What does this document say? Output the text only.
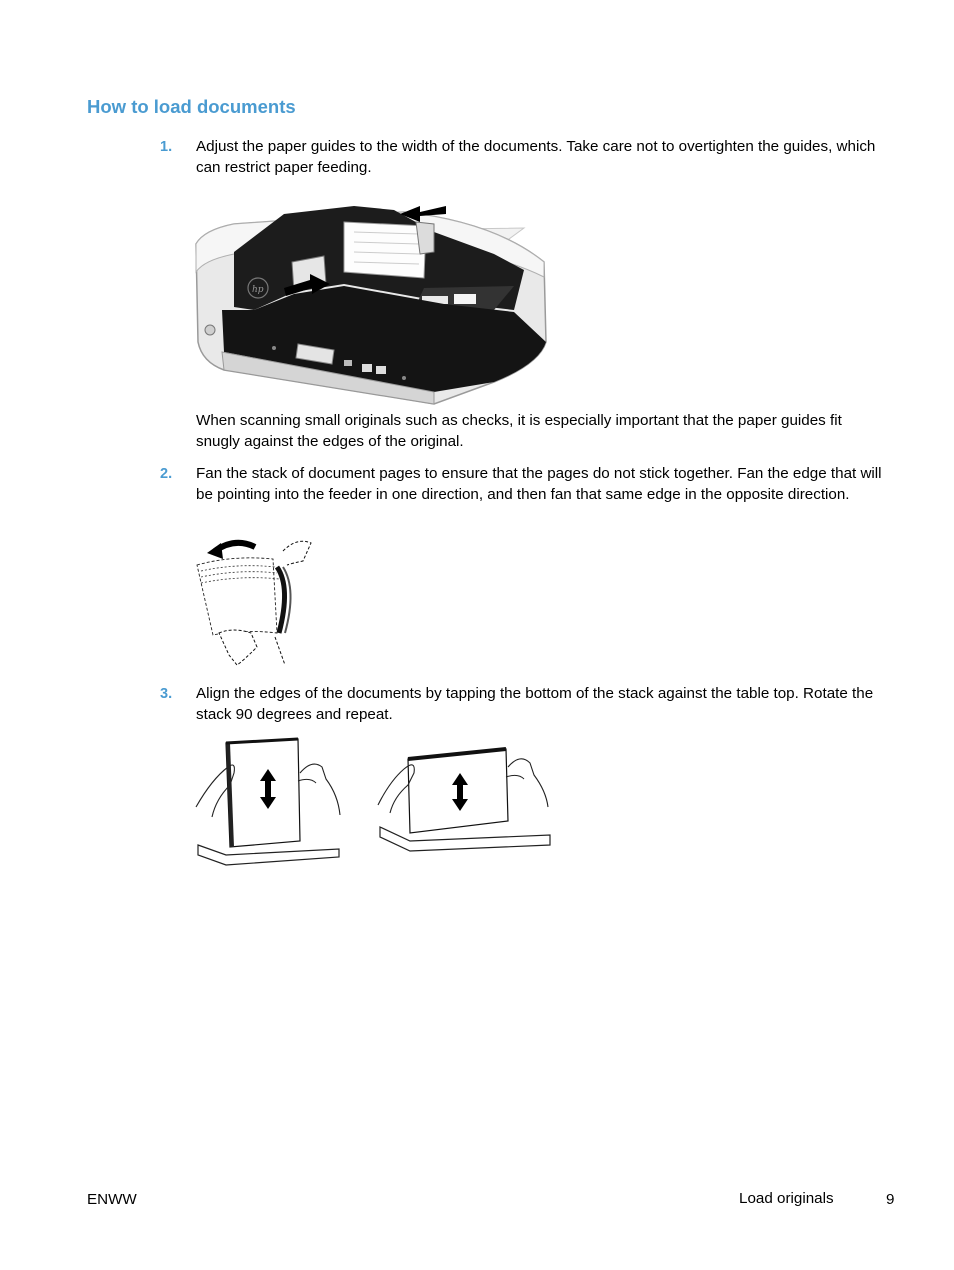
How to load documents
1. Adjust the paper guides to the width of the documents. Take care not to overtighten the guides, which can restrict paper feeding.

hp

When scanning small originals such as checks, it is especially important that the paper guides fit snugly against the edges of the original.

2. Fan the stack of document pages to ensure that the pages do not stick together. Fan the edge that will be pointing into the feeder in one direction, and then fan that same edge in the opposite direction.

3. Align the edges of the documents by tapping the bottom of the stack against the table top. Rotate the stack 90 degrees and repeat.

ENWW	Load originals	9
